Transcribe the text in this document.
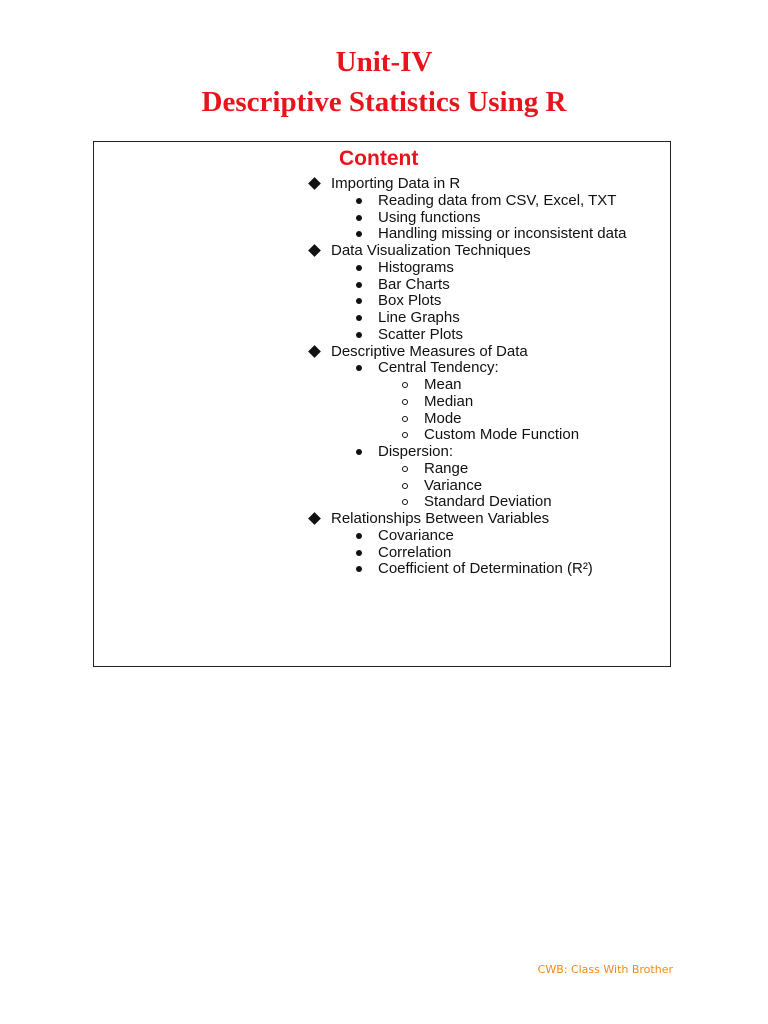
Unit-IV
Descriptive Statistics Using R
Content
Importing Data in R
Reading data from CSV, Excel, TXT
Using functions
Handling missing or inconsistent data
Data Visualization Techniques
Histograms
Bar Charts
Box Plots
Line Graphs
Scatter Plots
Descriptive Measures of Data
Central Tendency:
Mean
Median
Mode
Custom Mode Function
Dispersion:
Range
Variance
Standard Deviation
Relationships Between Variables
Covariance
Correlation
Coefficient of Determination (R²)
CWB: Class With Brother
